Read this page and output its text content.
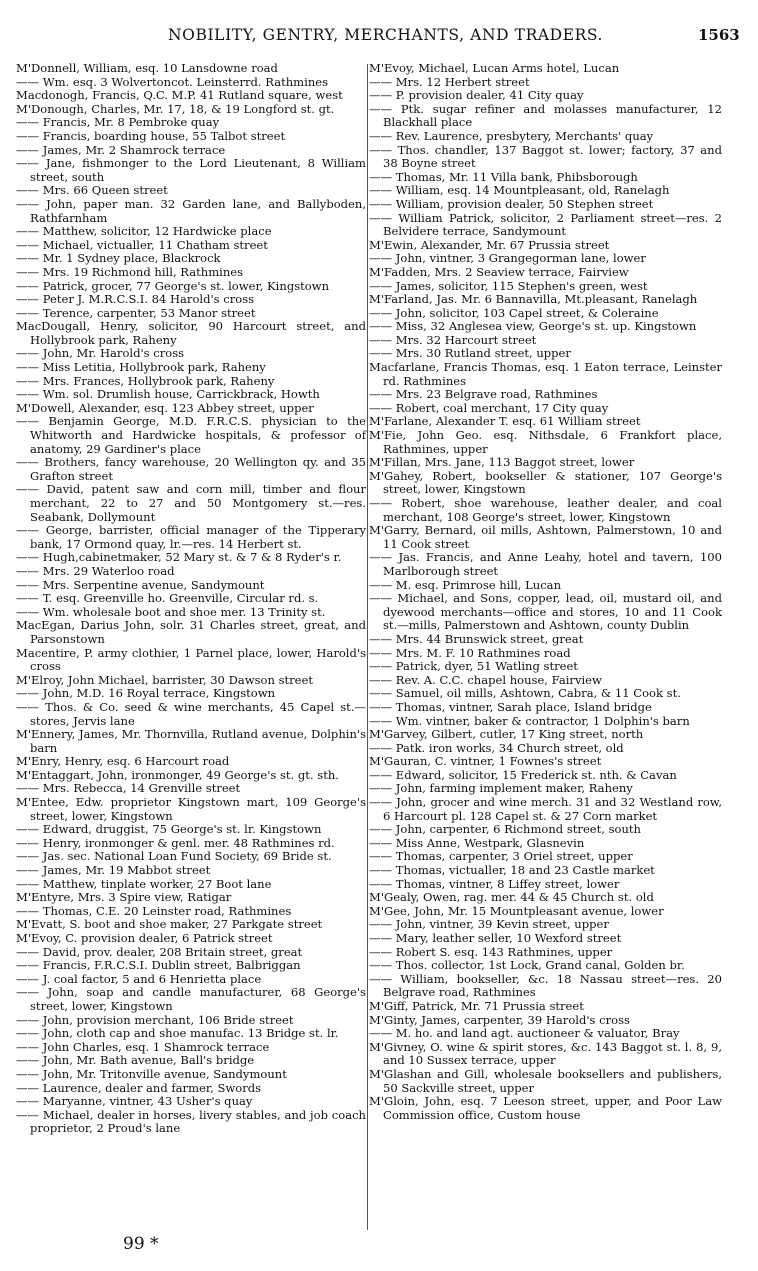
NOBILITY, GENTRY, MERCHANTS, AND TRADERS.	1563
M'Donnell, William, esq. 10 Lansdowne road
—— Wm. esq. 3 Wolvertoncot. Leinsterrd. Rathmines
Macdonogh, Francis, Q.C. M.P. 41 Rutland square, west
M'Donough, Charles, Mr. 17, 18, & 19 Longford st. gt.
—— Francis, Mr. 8 Pembroke quay
—— Francis, boarding house, 55 Talbot street
—— James, Mr. 2 Shamrock terrace
—— Jane, fishmonger to the Lord Lieutenant, 8 William street, south
—— Mrs. 66 Queen street
—— John, paper man. 32 Garden lane, and Ballyboden, Rathfarnham
—— Matthew, solicitor, 12 Hardwicke place
—— Michael, victualler, 11 Chatham street
—— Mr. 1 Sydney place, Blackrock
—— Mrs. 19 Richmond hill, Rathmines
—— Patrick, grocer, 77 George's st. lower, Kingstown
—— Peter J. M.R.C.S.I. 84 Harold's cross
—— Terence, carpenter, 53 Manor street
MacDougall, Henry, solicitor, 90 Harcourt street, and Hollybrook park, Raheny
—— John, Mr. Harold's cross
—— Miss Letitia, Hollybrook park, Raheny
—— Mrs. Frances, Hollybrook park, Raheny
—— Wm. sol. Drumlish house, Carrickbrack, Howth
M'Dowell, Alexander, esq. 123 Abbey street, upper
—— Benjamin George, M.D. F.R.C.S. physician to the Whitworth and Hardwicke hospitals, & professor of anatomy, 29 Gardiner's place
—— Brothers, fancy warehouse, 20 Wellington qy. and 35 Grafton street
—— David, patent saw and corn mill, timber and flour merchant, 22 to 27 and 50 Montgomery st.—res. Seabank, Dollymount
—— George, barrister, official manager of the Tipperary bank, 17 Ormond quay, lr.—res. 14 Herbert st.
—— Hugh,cabinetmaker, 52 Mary st. & 7 & 8 Ryder's r.
—— Mrs. 29 Waterloo road
—— Mrs. Serpentine avenue, Sandymount
—— T. esq. Greenville ho. Greenville, Circular rd. s.
—— Wm. wholesale boot and shoe mer. 13 Trinity st.
MacEgan, Darius John, solr. 31 Charles street, great, and Parsonstown
Macentire, P. army clothier, 1 Parnel place, lower, Harold's cross
M'Elroy, John Michael, barrister, 30 Dawson street
—— John, M.D. 16 Royal terrace, Kingstown
—— Thos. & Co. seed & wine merchants, 45 Capel st.—stores, Jervis lane
M'Ennery, James, Mr. Thornvilla, Rutland avenue, Dolphin's barn
M'Enry, Henry, esq. 6 Harcourt road
M'Entaggart, John, ironmonger, 49 George's st. gt. sth.
—— Mrs. Rebecca, 14 Grenville street
M'Entee, Edw. proprietor Kingstown mart, 109 George's street, lower, Kingstown
—— Edward, druggist, 75 George's st. lr. Kingstown
—— Henry, ironmonger & genl. mer. 48 Rathmines rd.
—— Jas. sec. National Loan Fund Society, 69 Bride st.
—— James, Mr. 19 Mabbot street
—— Matthew, tinplate worker, 27 Boot lane
M'Entyre, Mrs. 3 Spire view, Ratigar
—— Thomas, C.E. 20 Leinster road, Rathmines
M'Evatt, S. boot and shoe maker, 27 Parkgate street
M'Evoy, C. provision dealer, 6 Patrick street
—— David, prov. dealer, 208 Britain street, great
—— Francis, F.R.C.S.I. Dublin street, Balbriggan
—— J. coal factor, 5 and 6 Henrietta place
—— John, soap and candle manufacturer, 68 George's street, lower, Kingstown
—— John, provision merchant, 106 Bride street
—— John, cloth cap and shoe manufac. 13 Bridge st. lr.
—— John Charles, esq. 1 Shamrock terrace
—— John, Mr. Bath avenue, Ball's bridge
—— John, Mr. Tritonville avenue, Sandymount
—— Laurence, dealer and farmer, Swords
—— Maryanne, vintner, 43 Usher's quay
—— Michael, dealer in horses, livery stables, and job coach proprietor, 2 Proud's lane
M'Evoy, Michael, Lucan Arms hotel, Lucan
—— Mrs. 12 Herbert street
—— P. provision dealer, 41 City quay
—— Ptk. sugar refiner and molasses manufacturer, 12 Blackhall place
—— Rev. Laurence, presbytery, Merchants' quay
—— Thos. chandler, 137 Baggot st. lower; factory, 37 and 38 Boyne street
—— Thomas, Mr. 11 Villa bank, Phibsborough
—— William, esq. 14 Mountpleasant, old, Ranelagh
—— William, provision dealer, 50 Stephen street
—— William Patrick, solicitor, 2 Parliament street—res. 2 Belvidere terrace, Sandymount
M'Ewin, Alexander, Mr. 67 Prussia street
—— John, vintner, 3 Grangegorman lane, lower
M'Fadden, Mrs. 2 Seaview terrace, Fairview
—— James, solicitor, 115 Stephen's green, west
M'Farland, Jas. Mr. 6 Bannavilla, Mt.pleasant, Ranelagh
—— John, solicitor, 103 Capel street, & Coleraine
—— Miss, 32 Anglesea view, George's st. up. Kingstown
—— Mrs. 32 Harcourt street
—— Mrs. 30 Rutland street, upper
Macfarlane, Francis Thomas, esq. 1 Eaton terrace, Leinster rd. Rathmines
—— Mrs. 23 Belgrave road, Rathmines
—— Robert, coal merchant, 17 City quay
M'Farlane, Alexander T. esq. 61 William street
M'Fie, John Geo. esq. Nithsdale, 6 Frankfort place, Rathmines, upper
M'Fillan, Mrs. Jane, 113 Baggot street, lower
M'Gahey, Robert, bookseller & stationer, 107 George's street, lower, Kingstown
—— Robert, shoe warehouse, leather dealer, and coal merchant, 108 George's street, lower, Kingstown
M'Garry, Bernard, oil mills, Ashtown, Palmerstown, 10 and 11 Cook street
—— Jas. Francis, and Anne Leahy, hotel and tavern, 100 Marlborough street
—— M. esq. Primrose hill, Lucan
—— Michael, and Sons, copper, lead, oil, mustard oil, and dyewood merchants—office and stores, 10 and 11 Cook st.—mills, Palmerstown and Ashtown, county Dublin
—— Mrs. 44 Brunswick street, great
—— Mrs. M. F. 10 Rathmines road
—— Patrick, dyer, 51 Watling street
—— Rev. A. C.C. chapel house, Fairview
—— Samuel, oil mills, Ashtown, Cabra, & 11 Cook st.
—— Thomas, vintner, Sarah place, Island bridge
—— Wm. vintner, baker & contractor, 1 Dolphin's barn
M'Garvey, Gilbert, cutler, 17 King street, north
—— Patk. iron works, 34 Church street, old
M'Gauran, C. vintner, 1 Fownes's street
—— Edward, solicitor, 15 Frederick st. nth. & Cavan
—— John, farming implement maker, Raheny
—— John, grocer and wine merch. 31 and 32 Westland row, 6 Harcourt pl. 128 Capel st. & 27 Corn market
—— John, carpenter, 6 Richmond street, south
—— Miss Anne, Westpark, Glasnevin
—— Thomas, carpenter, 3 Oriel street, upper
—— Thomas, victualler, 18 and 23 Castle market
—— Thomas, vintner, 8 Liffey street, lower
M'Gealy, Owen, rag. mer. 44 & 45 Church st. old
M'Gee, John, Mr. 15 Mountpleasant avenue, lower
—— John, vintner, 39 Kevin street, upper
—— Mary, leather seller, 10 Wexford street
—— Robert S. esq. 143 Rathmines, upper
—— Thos. collector, 1st Lock, Grand canal, Golden br.
—— William, bookseller, &c. 18 Nassau street—res. 20 Belgrave road, Rathmines
M'Giff, Patrick, Mr. 71 Prussia street
M'Ginty, James, carpenter, 39 Harold's cross
—— M. ho. and land agt. auctioneer & valuator, Bray
M'Givney, O. wine & spirit stores, &c. 143 Baggot st. l. 8, 9, and 10 Sussex terrace, upper
M'Glashan and Gill, wholesale booksellers and publishers, 50 Sackville street, upper
M'Gloin, John, esq. 7 Leeson street, upper, and Poor Law Commission office, Custom house
99 *
